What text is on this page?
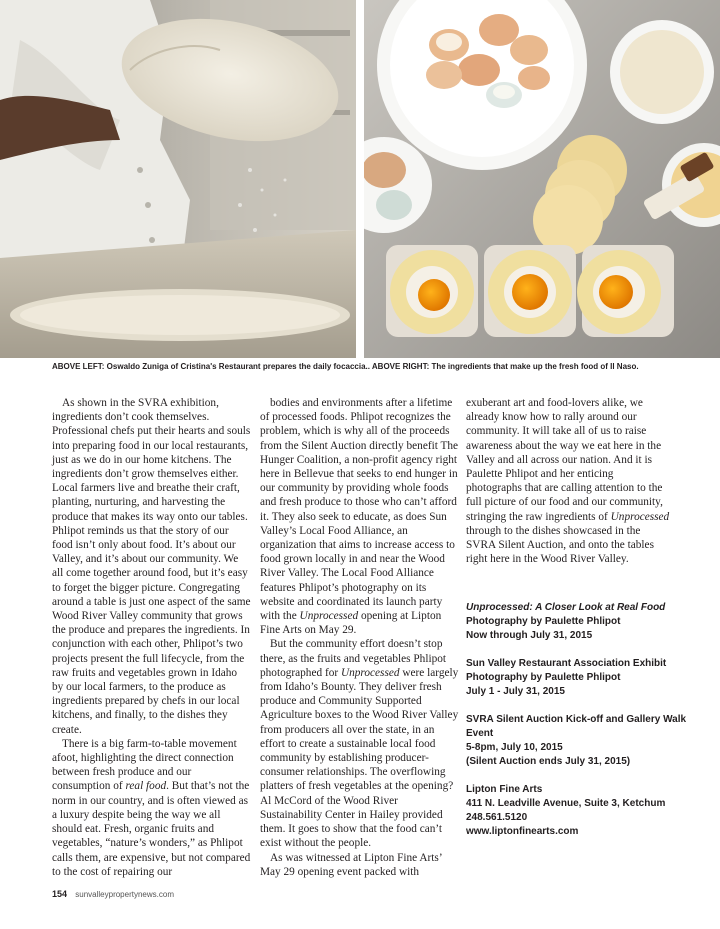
ABOVE LEFT: Oswaldo Zuniga of Cristina's Restaurant prepares the daily focaccia.. ABOVE RIGHT: The ingredients that make up the fresh food of Il Naso.

As shown in the SVRA exhibition, ingredients don’t cook themselves. Professional chefs put their hearts and souls into preparing food in our local restaurants, just as we do in our home kitchens. The ingredients don’t grow themselves either. Local farmers live and breathe their craft, planting, nurturing, and harvesting the produce that makes its way onto our tables. Phlipot reminds us that the story of our food isn’t only about food. It’s about our Valley, and it’s about our community. We all come together around food, but it’s easy to forget the bigger picture. Congregating around a table is just one aspect of the same Wood River Valley community that grows the produce and prepares the ingredients. In conjunction with each other, Phlipot’s two projects present the full lifecycle, from the raw fruits and vegetables grown in Idaho by our local farmers, to the produce as ingredients prepared by chefs in our local kitchens, and finally, to the dishes they create.

There is a big farm-to-table movement afoot, highlighting the direct connection between fresh produce and our consumption of real food. But that’s not the norm in our country, and is often viewed as a luxury despite being the way we all should eat. Fresh, organic fruits and vegetables, “nature’s wonders,” as Phlipot calls them, are expensive, but not compared to the cost of repairing our

bodies and environments after a lifetime of processed foods. Phlipot recognizes the problem, which is why all of the proceeds from the Silent Auction directly benefit The Hunger Coalition, a non-profit agency right here in Bellevue that seeks to end hunger in our community by providing whole foods and fresh produce to those who can’t afford it. They also seek to educate, as does Sun Valley’s Local Food Alliance, an organization that aims to increase access to food grown locally in and near the Wood River Valley. The Local Food Alliance features Phlipot’s photography on its website and coordinated its launch party with the Unprocessed opening at Lipton Fine Arts on May 29.

But the community effort doesn’t stop there, as the fruits and vegetables Phlipot photographed for Unprocessed were largely from Idaho’s Bounty. They deliver fresh produce and Community Supported Agriculture boxes to the Wood River Valley from producers all over the state, in an effort to create a sustainable local food community by establishing producer-consumer relationships. The overflowing platters of fresh vegetables at the opening? Al McCord of the Wood River Sustainability Center in Hailey provided them. It goes to show that the food can’t exist without the people.

As was witnessed at Lipton Fine Arts’ May 29 opening event packed with

exuberant art and food-lovers alike, we already know how to rally around our community. It will take all of us to raise awareness about the way we eat here in the Valley and all across our nation. And it is Paulette Phlipot and her enticing photographs that are calling attention to the full picture of our food and our community, stringing the raw ingredients of Unprocessed through to the dishes showcased in the SVRA Silent Auction, and onto the tables right here in the Wood River Valley.

Unprocessed: A Closer Look at Real Food
Photography by Paulette Phlipot
Now through July 31, 2015
Sun Valley Restaurant Association Exhibit
Photography by Paulette Phlipot
July 1 - July 31, 2015
SVRA Silent Auction Kick-off and Gallery Walk
Event
5-8pm, July 10, 2015
(Silent Auction ends July 31, 2015)
Lipton Fine Arts
411 N. Leadville Avenue, Suite 3, Ketchum
248.561.5120
www.liptonfinearts.com
154 sunvalleypropertynews.com
